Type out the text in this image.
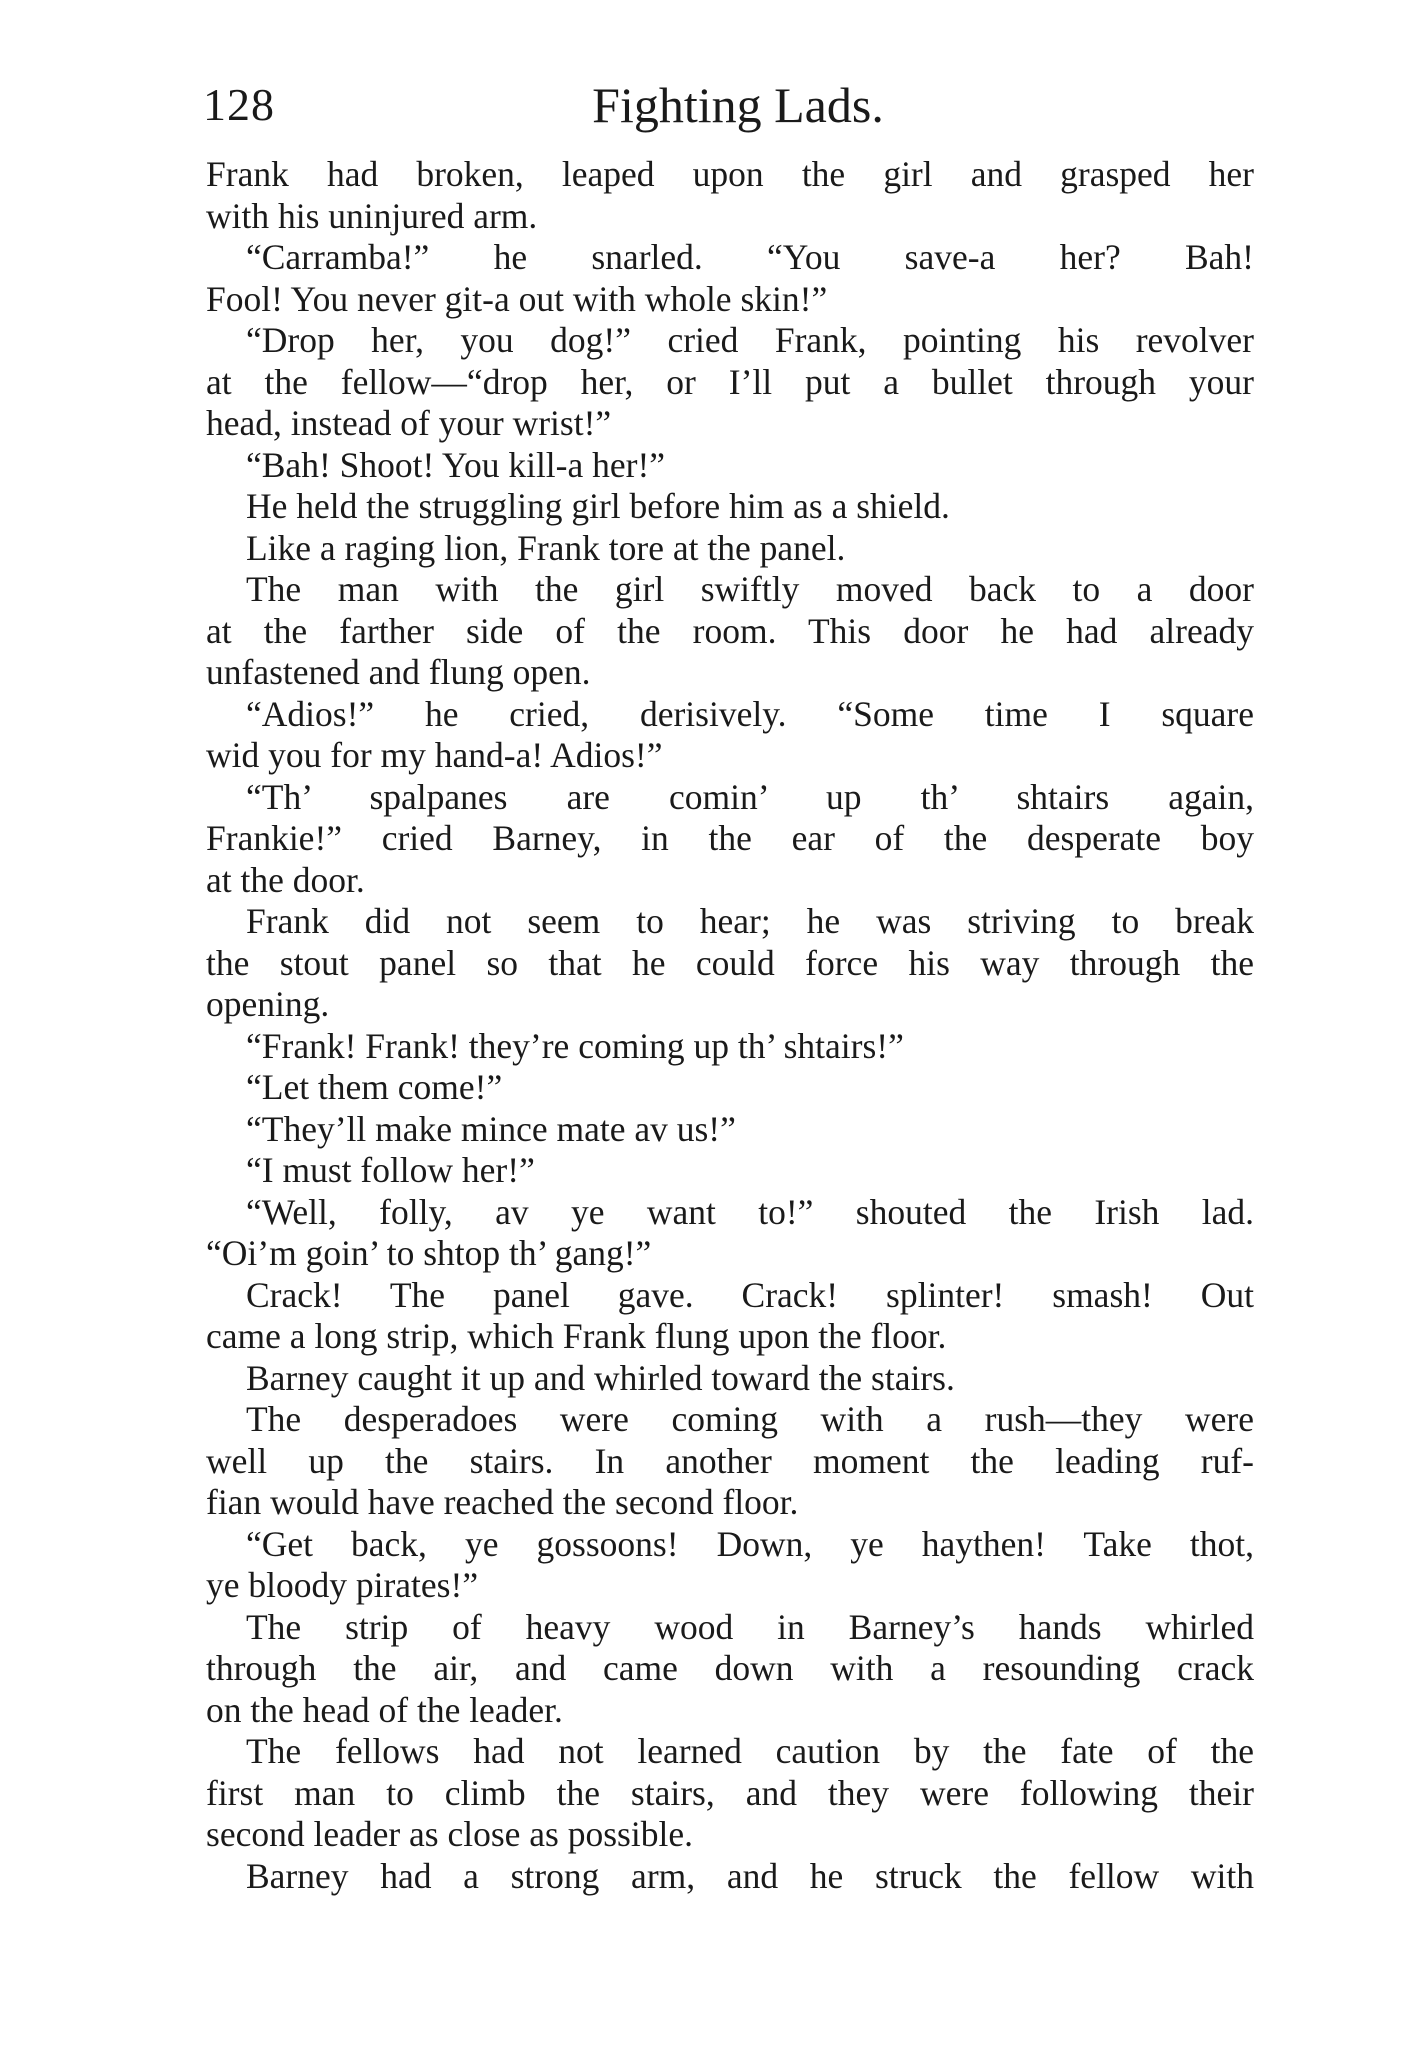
128	Fighting Lads.
Frank had broken, leaped upon the girl and grasped her
with his uninjured arm.
“Carramba!” he snarled. “You save-a her? Bah!
Fool! You never git-a out with whole skin!”
“Drop her, you dog!” cried Frank, pointing his revolver
at the fellow—“drop her, or I’ll put a bullet through your
head, instead of your wrist!”
“Bah! Shoot! You kill-a her!”
He held the struggling girl before him as a shield.
Like a raging lion, Frank tore at the panel.
The man with the girl swiftly moved back to a door
at the farther side of the room. This door he had already
unfastened and flung open.
“Adios!” he cried, derisively. “Some time I square
wid you for my hand-a! Adios!”
“Th’ spalpanes are comin’ up th’ shtairs again,
Frankie!” cried Barney, in the ear of the desperate boy
at the door.
Frank did not seem to hear; he was striving to break
the stout panel so that he could force his way through the
opening.
“Frank! Frank! they’re coming up th’ shtairs!”
“Let them come!”
“They’ll make mince mate av us!”
“I must follow her!”
“Well, folly, av ye want to!” shouted the Irish lad.
“Oi’m goin’ to shtop th’ gang!”
Crack! The panel gave. Crack! splinter! smash! Out
came a long strip, which Frank flung upon the floor.
Barney caught it up and whirled toward the stairs.
The desperadoes were coming with a rush—they were
well up the stairs. In another moment the leading ruf-
fian would have reached the second floor.
“Get back, ye gossoons! Down, ye haythen! Take thot,
ye bloody pirates!”
The strip of heavy wood in Barney’s hands whirled
through the air, and came down with a resounding crack
on the head of the leader.
The fellows had not learned caution by the fate of the
first man to climb the stairs, and they were following their
second leader as close as possible.
Barney had a strong arm, and he struck the fellow with
